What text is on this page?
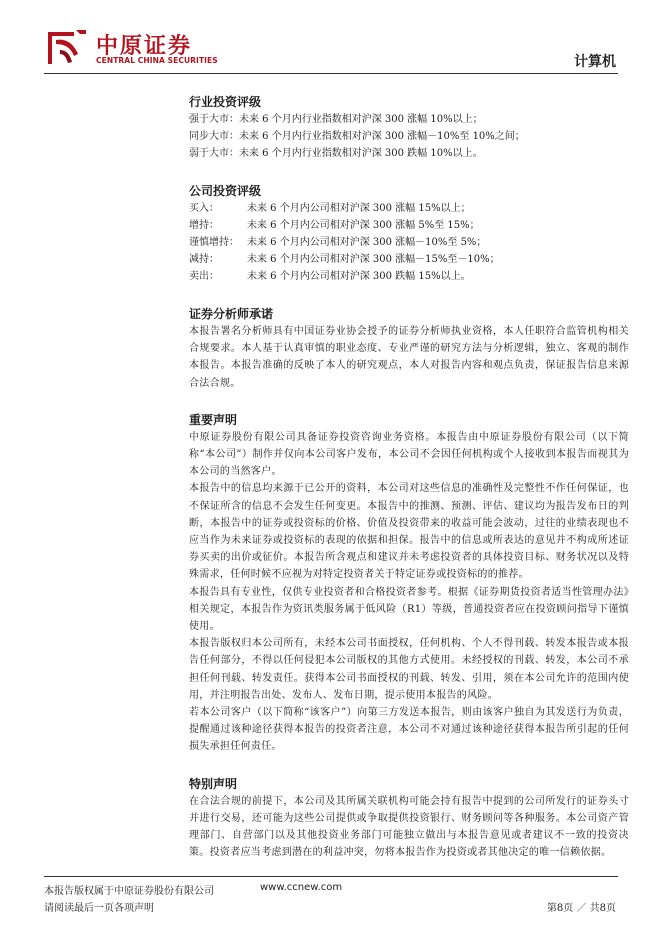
中原证券
CENTRAL CHINA SECURITIES	计算机
行业投资评级
强于大市： 未来 6 个月内行业指数相对沪深 300 涨幅 10%以上；
同步大市： 未来 6 个月内行业指数相对沪深 300 涨幅－10%至 10%之间；
弱于大市： 未来 6 个月内行业指数相对沪深 300 跌幅 10%以上。
公司投资评级
买入：	未来 6 个月内公司相对沪深 300 涨幅 15%以上；
增持：	未来 6 个月内公司相对沪深 300 涨幅 5%至 15%；
谨慎增持： 未来 6 个月内公司相对沪深 300 涨幅－10%至 5%；
减持：	未来 6 个月内公司相对沪深 300 涨幅－15%至－10%；
卖出：	未来 6 个月内公司相对沪深 300 跌幅 15%以上。
证券分析师承诺

本报告署名分析师具有中国证券业协会授予的证券分析师执业资格，本人任职符合监管机构相关合规要求。本人基于认真审慎的职业态度、专业严谨的研究方法与分析逻辑，独立、客观的制作本报告。本报告准确的反映了本人的研究观点，本人对报告内容和观点负责，保证报告信息来源合法合规。

重要声明

中原证券股份有限公司具备证券投资咨询业务资格。本报告由中原证券股份有限公司（以下简称“本公司”）制作并仅向本公司客户发布，本公司不会因任何机构或个人接收到本报告而视其为本公司的当然客户。

本报告中的信息均来源于已公开的资料，本公司对这些信息的准确性及完整性不作任何保证，也不保证所含的信息不会发生任何变更。本报告中的推测、预测、评估、建议均为报告发布日的判断，本报告中的证券或投资标的价格、价值及投资带来的收益可能会波动，过往的业绩表现也不应当作为未来证券或投资标的表现的依据和担保。报告中的信息或所表达的意见并不构成所述证券买卖的出价或征价。本报告所含观点和建议并未考虑投资者的具体投资目标、财务状况以及特殊需求，任何时候不应视为对特定投资者关于特定证券或投资标的的推荐。

本报告具有专业性，仅供专业投资者和合格投资者参考。根据《证券期货投资者适当性管理办法》相关规定，本报告作为资讯类服务属于低风险（R1）等级，普通投资者应在投资顾问指导下谨慎使用。

本报告版权归本公司所有，未经本公司书面授权，任何机构、个人不得刊载、转发本报告或本报告任何部分，不得以任何侵犯本公司版权的其他方式使用。未经授权的刊载、转发，本公司不承担任何刊载、转发责任。获得本公司书面授权的刊载、转发、引用，须在本公司允许的范围内使用，并注明报告出处、发布人、发布日期，提示使用本报告的风险。

若本公司客户（以下简称“该客户”）向第三方发送本报告，则由该客户独自为其发送行为负责，提醒通过该种途径获得本报告的投资者注意，本公司不对通过该种途径获得本报告所引起的任何损失承担任何责任。

特别声明

在合法合规的前提下，本公司及其所属关联机构可能会持有报告中提到的公司所发行的证券头寸并进行交易，还可能为这些公司提供或争取提供投资银行、财务顾问等各种服务。本公司资产管理部门、自营部门以及其他投资业务部门可能独立做出与本报告意见或者建议不一致的投资决策。投资者应当考虑到潜在的利益冲突，勿将本报告作为投资或者其他决定的唯一信赖依据。

本报告版权属于中原证券股份有限公司	www.ccnew.com
请阅读最后一页各项声明	第8页 ／ 共8页
